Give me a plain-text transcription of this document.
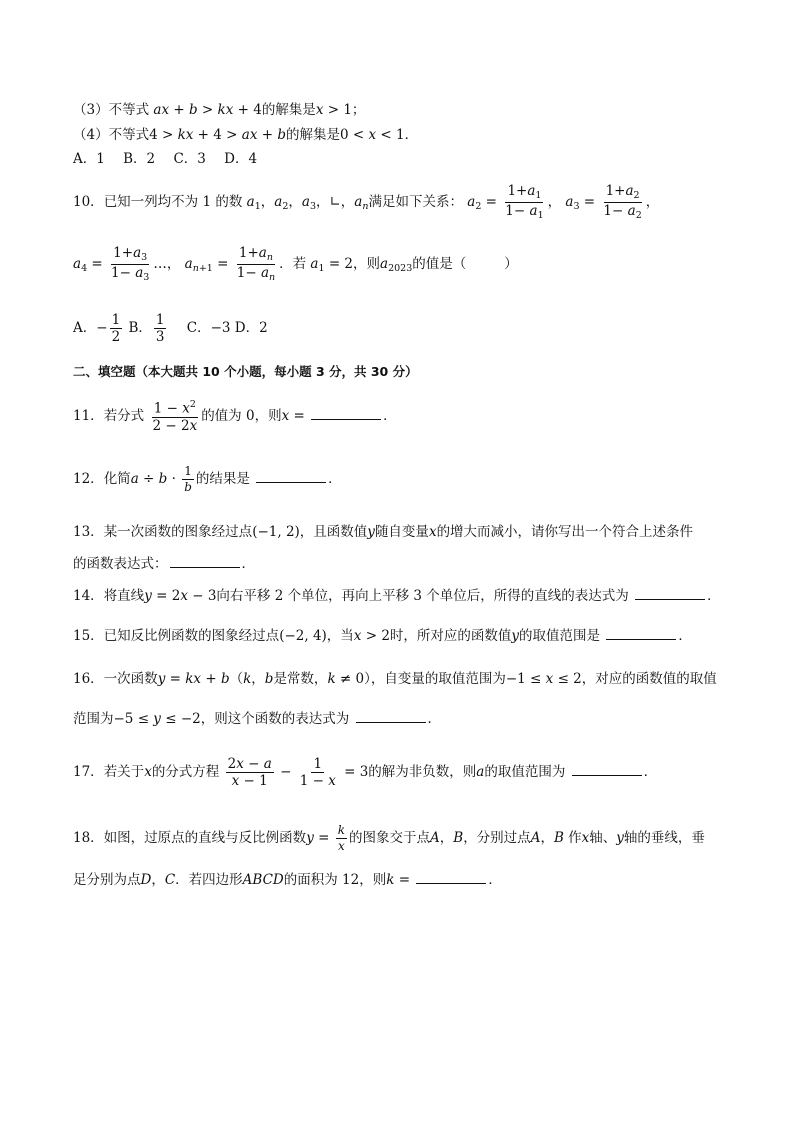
（3）不等式 ax + b > kx + 4的解集是x > 1；
（4）不等式4 > kx + 4 > ax + b的解集是0 < x < 1．
A．1 B．2 C．3 D．4
10．已知一列均不为 1 的数 $a_1$，$a_2$，$a_3$，∟，$a_n$满足如下关系： $a_2 = \frac{1+a_1}{1- a_1}$ ， $a_3 = \frac{1+a_2}{1- a_2}$ ，
$a_4 = \frac{1+a_3}{1- a_3}$ …， $a_{n+1} = \frac{1+a_n}{1- a_n}$ ．若 $a_1 = 2$，则$a_{2023}$的值是（	）
A．− $\frac{1}{2}$ B． $\frac{1}{3}$ C．−3 D．2
二、填空题（本大题共 10 个小题，每小题 3 分，共 30 分）
11．若分式 $\frac{1 - x^2}{2 - 2x}$ 的值为 0，则x =	．
12．化简$a \div b \cdot \frac{1}{b}$ 的结果是	．
13．某一次函数的图象经过点(−1, 2)，且函数值y随自变量x的增大而减小，请你写出一个符合上述条件
的函数表达式：	．
14．将直线y = 2x − 3向右平移 2 个单位，再向上平移 3 个单位后，所得的直线的表达式为	．
15．已知反比例函数的图象经过点(−2, 4)，当x > 2时，所对应的函数值y的取值范围是	．
16．一次函数y = kx + b（k，b是常数，k ≠ 0），自变量的取值范围为−1 ≤ x ≤ 2，对应的函数值的取值
范围为−5 ≤ y ≤ −2，则这个函数的表达式为	．
17．若关于x的分式方程 $\frac{2x - a}{x - 1} - \frac{1}{1 - x} = 3$的解为非负数，则a的取值范围为	．
18．如图，过原点的直线与反比例函数$y = \frac{k}{x}$ 的图象交于点A，B，分别过点A，B 作x轴、y轴的垂线，垂
足分别为点D，C．若四边形ABCD的面积为 12，则k =	．
